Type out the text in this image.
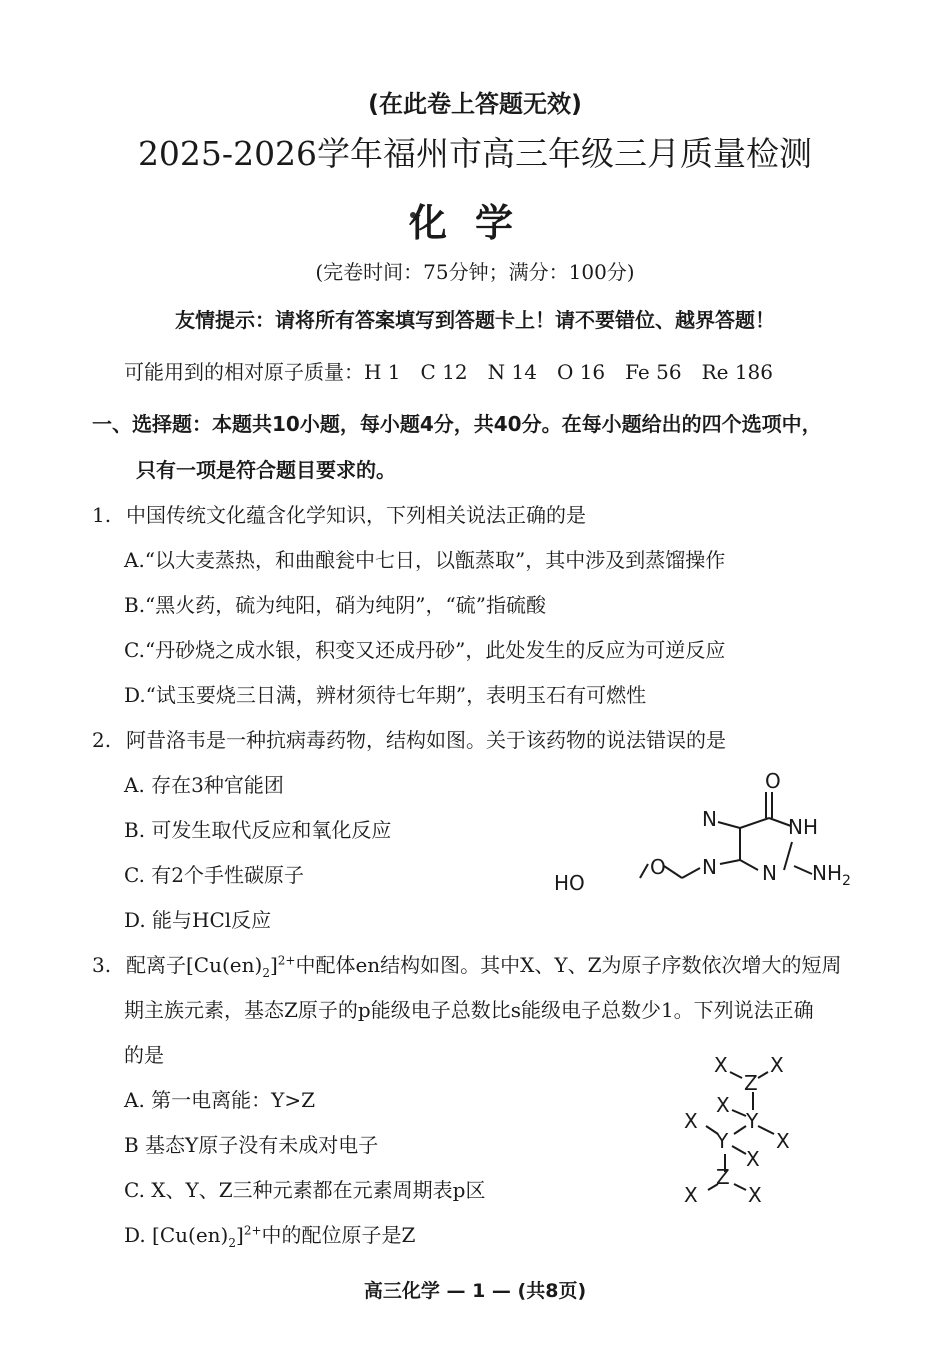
(在此卷上答题无效)
2025-2026学年福州市高三年级三月质量检测
化学
(完卷时间：75分钟；满分：100分)
友情提示：请将所有答案填写到答题卡上！请不要错位、越界答题！
可能用到的相对原子质量：H 1　C 12　N 14　O 16　Fe 56　Re 186
一、选择题：本题共10小题，每小题4分，共40分。在每小题给出的四个选项中，
只有一项是符合题目要求的。
1. 中国传统文化蕴含化学知识，下列相关说法正确的是
A.“以大麦蒸热，和曲酿瓮中七日，以甑蒸取”，其中涉及到蒸馏操作
B.“黑火药，硫为纯阳，硝为纯阴”，“硫”指硫酸
C.“丹砂烧之成水银，积变又还成丹砂”，此处发生的反应为可逆反应
D.“试玉要烧三日满，辨材须待七年期”，表明玉石有可燃性
2. 阿昔洛韦是一种抗病毒药物，结构如图。关于该药物的说法错误的是
A. 存在3种官能团
B. 可发生取代反应和氧化反应
C. 有2个手性碳原子
D. 能与HCl反应
O
NH
N
N
N
O	$NH_2$
HO
3. 配离子$[Cu(en)_2]^{2+}$中配体en结构如图。其中X、Y、Z为原子序数依次增大的短周
期主族元素，基态Z原子的p能级电子总数比s能级电子总数少1。下列说法正确
的是
A. 第一电离能：Y>Z
B 基态Y原子没有未成对电子
C. X、Y、Z三种元素都在元素周期表p区
D. $[Cu(en)_2]^{2+}$中的配位原子是Z
X
Z
X
X
Y
X
Y X
X
Z
X	X
高三化学 — 1 — (共8页)
